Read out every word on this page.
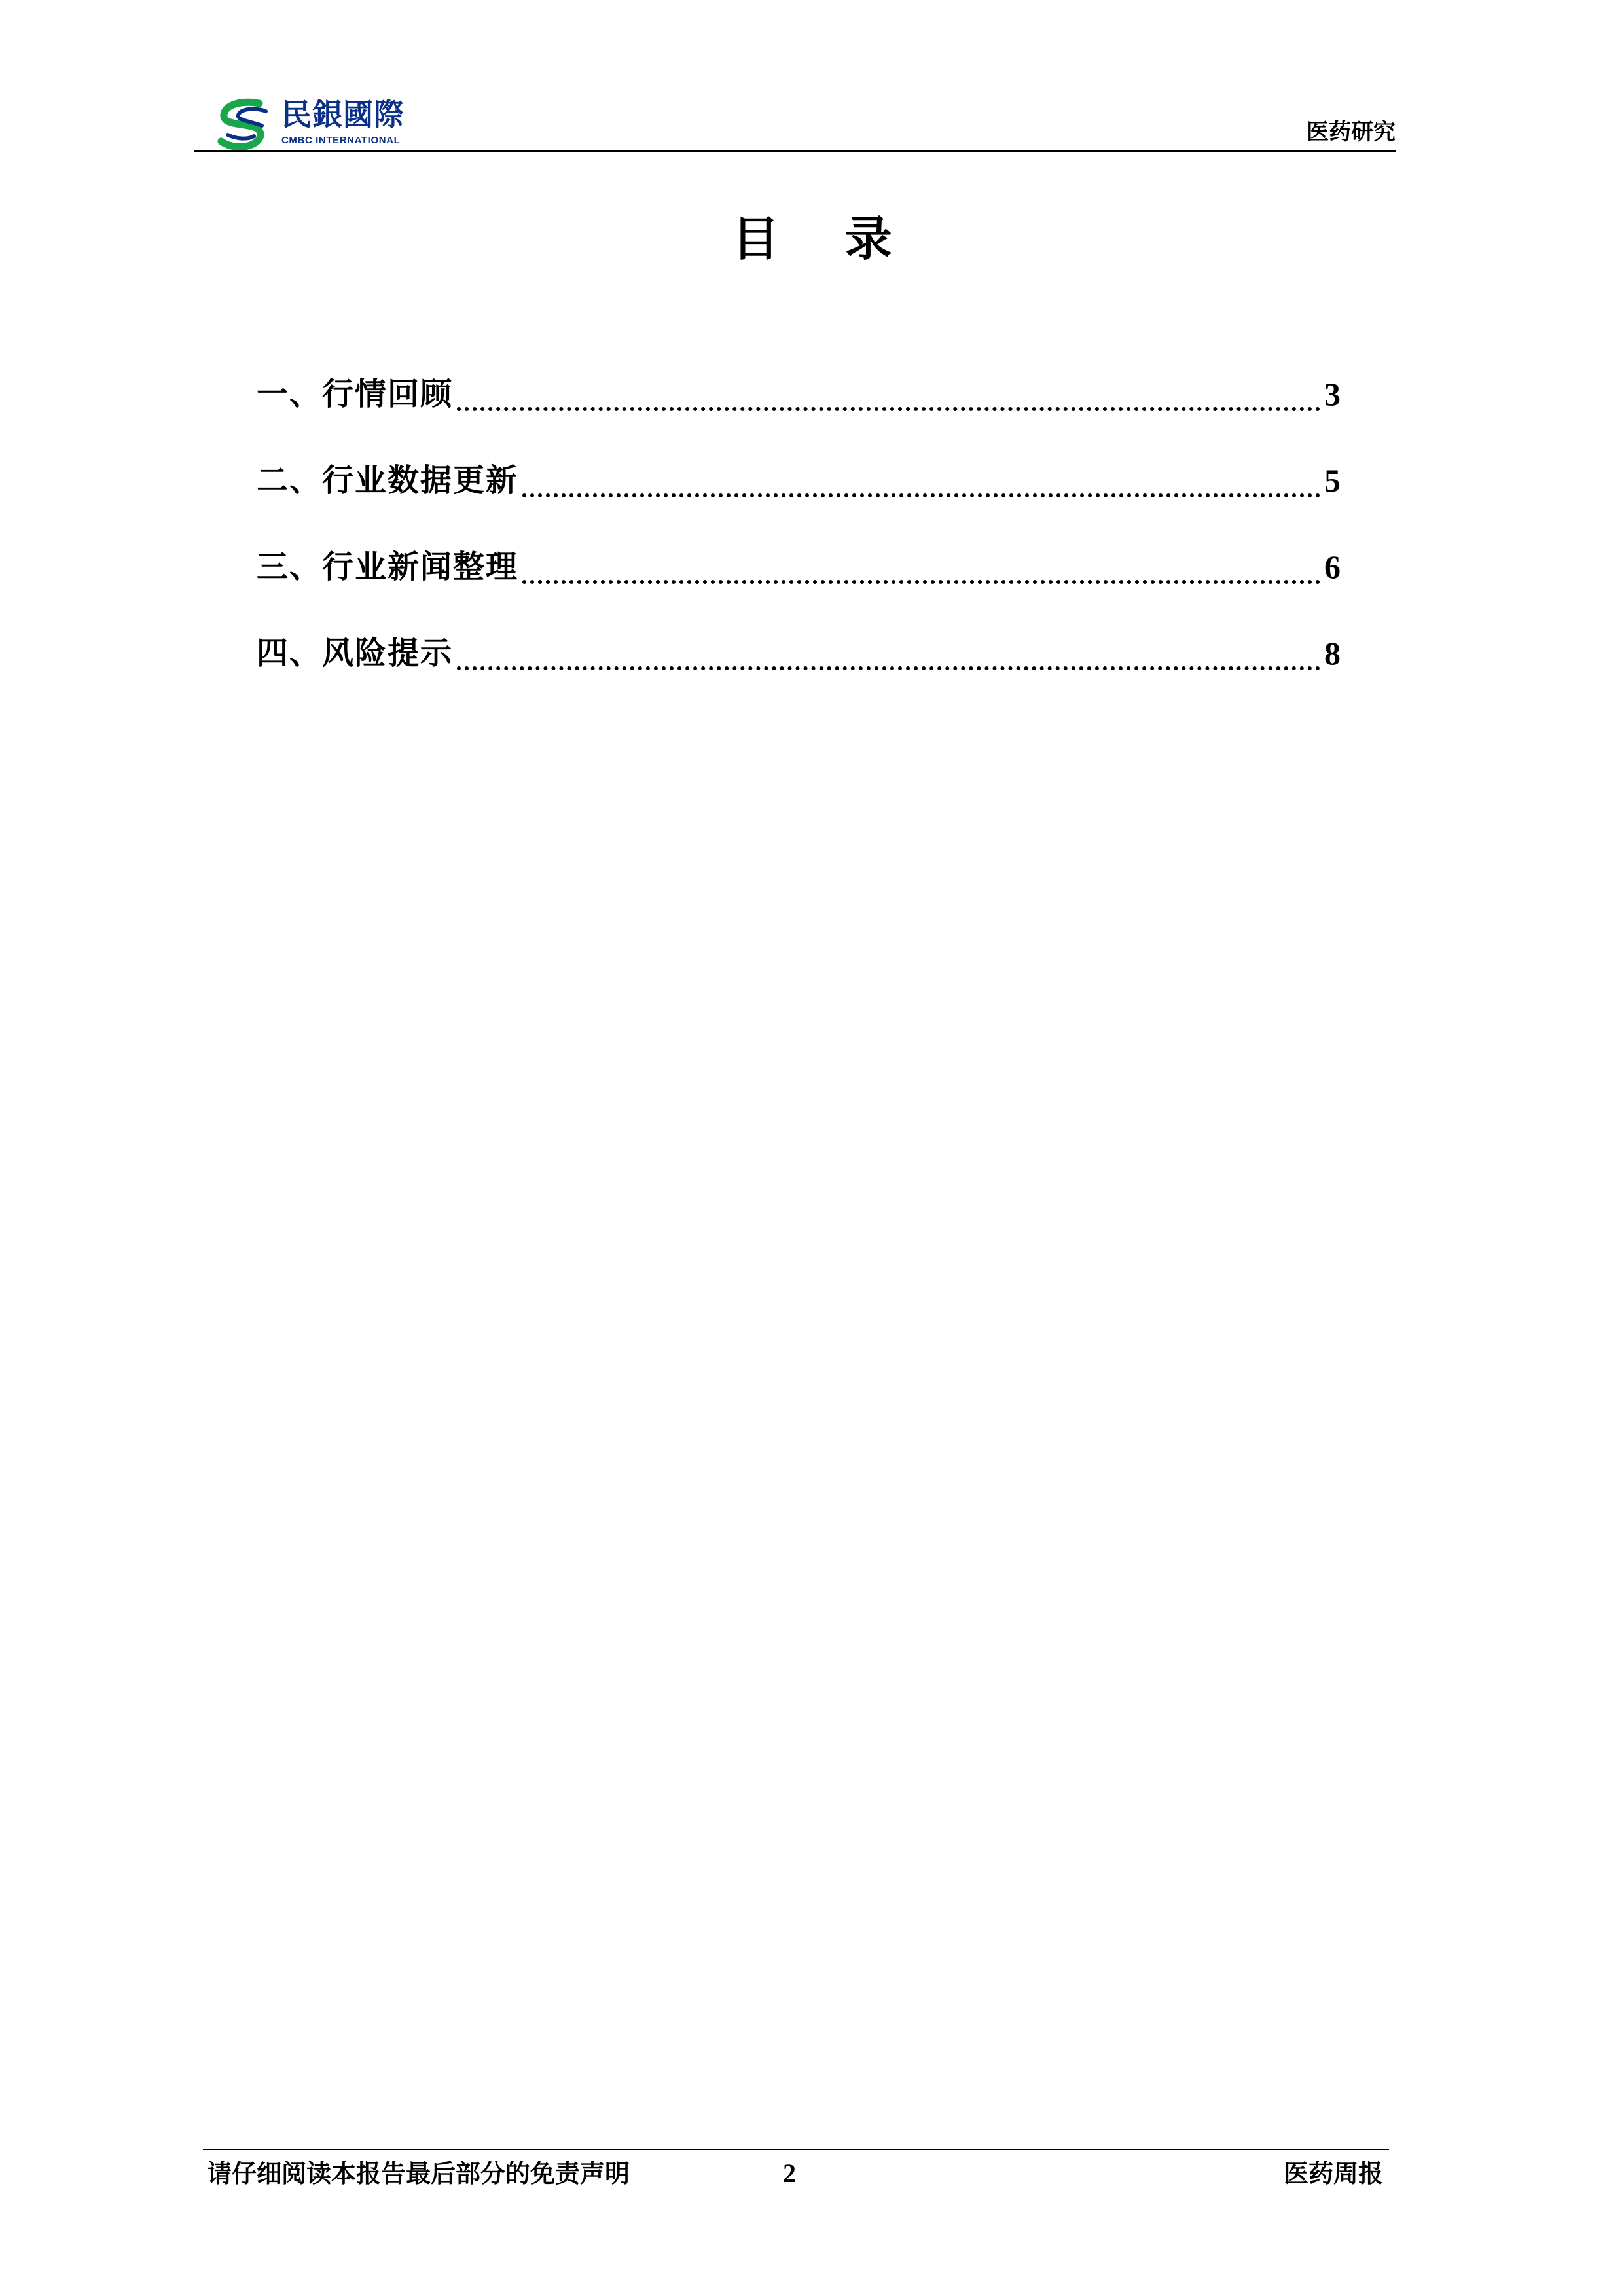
民銀國際
CMBC INTERNATIONAL	医药研究
目    录
一、行情回顾	3
二、行业数据更新	5
三、行业新闻整理	6
四、风险提示	8
请仔细阅读本报告最后部分的免责声明	2	医药周报
